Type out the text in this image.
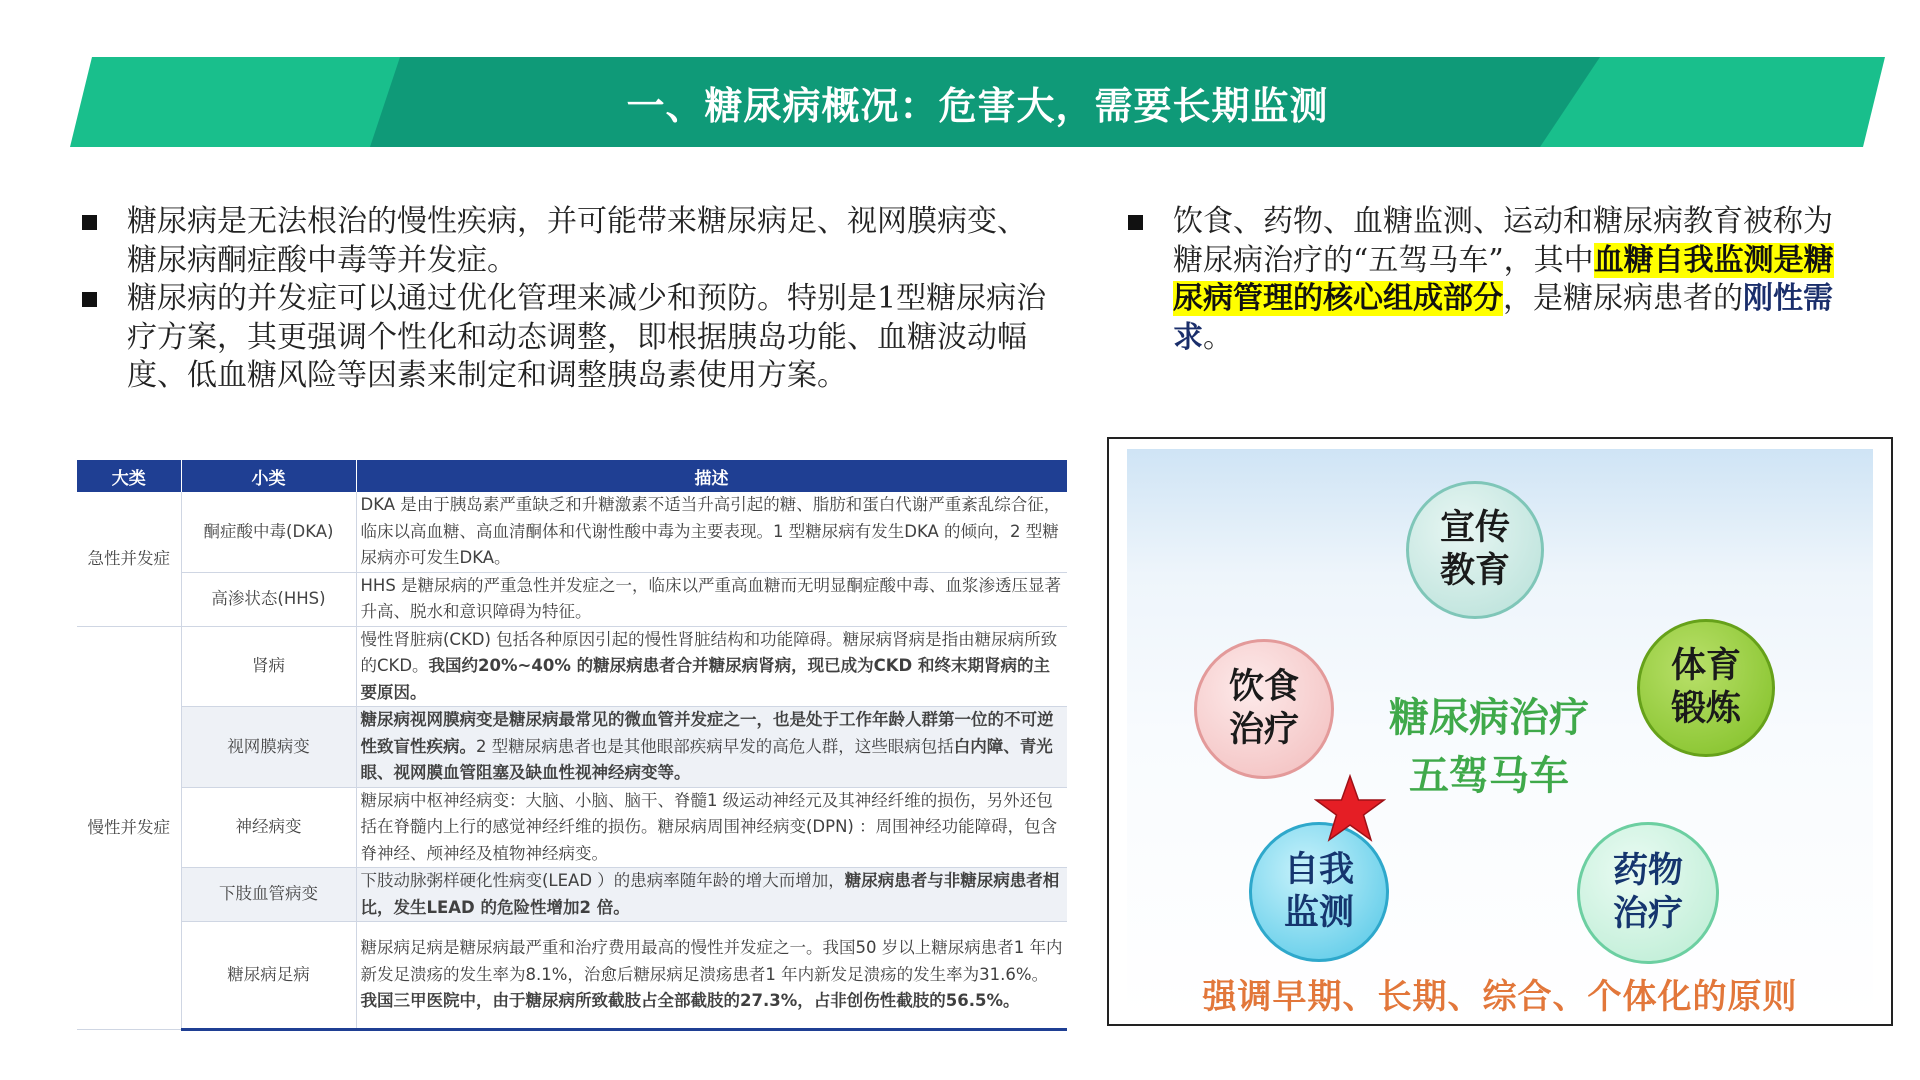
一、糖尿病概况：危害大，需要长期监测

糖尿病是无法根治的慢性疾病，并可能带来糖尿病足、视网膜病变、糖尿病酮症酸中毒等并发症。

糖尿病的并发症可以通过优化管理来减少和预防。特别是1型糖尿病治疗方案，其更强调个性化和动态调整，即根据胰岛功能、血糖波动幅度、低血糖风险等因素来制定和调整胰岛素使用方案。

饮食、药物、血糖监测、运动和糖尿病教育被称为糖尿病治疗的“五驾马车”，其中血糖自我监测是糖尿病管理的核心组成部分，是糖尿病患者的刚性需求。

大类	小类	描述
急性并发症	酮症酸中毒(DKA)	DKA 是由于胰岛素严重缺乏和升糖激素不适当升高引起的糖、脂肪和蛋白代谢严重紊乱综合征，临床以高血糖、高血清酮体和代谢性酸中毒为主要表现。1 型糖尿病有发生DKA 的倾向，2 型糖尿病亦可发生DKA。
	高渗状态(HHS)	HHS 是糖尿病的严重急性并发症之一，临床以严重高血糖而无明显酮症酸中毒、血浆渗透压显著升高、脱水和意识障碍为特征。
慢性并发症	肾病	慢性肾脏病(CKD) 包括各种原因引起的慢性肾脏结构和功能障碍。糖尿病肾病是指由糖尿病所致的CKD。我国约20%~40% 的糖尿病患者合并糖尿病肾病，现已成为CKD 和终末期肾病的主要原因。
	视网膜病变	糖尿病视网膜病变是糖尿病最常见的微血管并发症之一，也是处于工作年龄人群第一位的不可逆性致盲性疾病。2 型糖尿病患者也是其他眼部疾病早发的高危人群，这些眼病包括白内障、青光眼、视网膜血管阻塞及缺血性视神经病变等。
	神经病变	糖尿病中枢神经病变：大脑、小脑、脑干、脊髓1 级运动神经元及其神经纤维的损伤，另外还包括在脊髓内上行的感觉神经纤维的损伤。糖尿病周围神经病变(DPN) ：周围神经功能障碍，包含脊神经、颅神经及植物神经病变。
	下肢血管病变	下肢动脉粥样硬化性病变(LEAD ）的患病率随年龄的增大而增加，糖尿病患者与非糖尿病患者相比，发生LEAD 的危险性增加2 倍。
	糖尿病足病	糖尿病足病是糖尿病最严重和治疗费用最高的慢性并发症之一。我国50 岁以上糖尿病患者1 年内新发足溃疡的发生率为8.1%，治愈后糖尿病足溃疡患者1 年内新发足溃疡的发生率为31.6%。我国三甲医院中，由于糖尿病所致截肢占全部截肢的27.3%，占非创伤性截肢的56.5%。
宣传
教育
饮食
治疗
体育
锻炼
自我
监测
药物
治疗
糖尿病治疗
五驾马车
强调早期、长期、综合、个体化的原则
